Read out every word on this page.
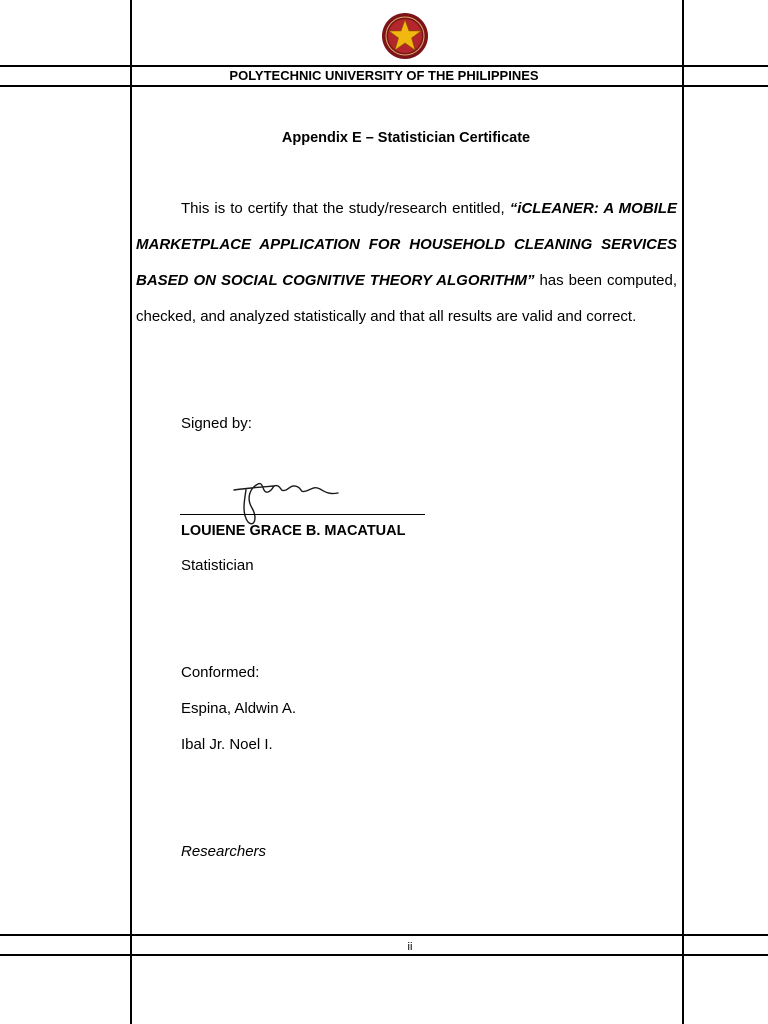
POLYTECHNIC UNIVERSITY OF THE PHILIPPINES
Appendix E – Statistician Certificate
This is to certify that the study/research entitled, “iCLEANER: A MOBILE MARKETPLACE APPLICATION FOR HOUSEHOLD CLEANING SERVICES BASED ON SOCIAL COGNITIVE THEORY ALGORITHM” has been computed, checked, and analyzed statistically and that all results are valid and correct.
Signed by:
LOUIENE GRACE B. MACATUAL
Statistician
Conformed:
Espina, Aldwin A.
Ibal Jr. Noel I.
Researchers
ii
